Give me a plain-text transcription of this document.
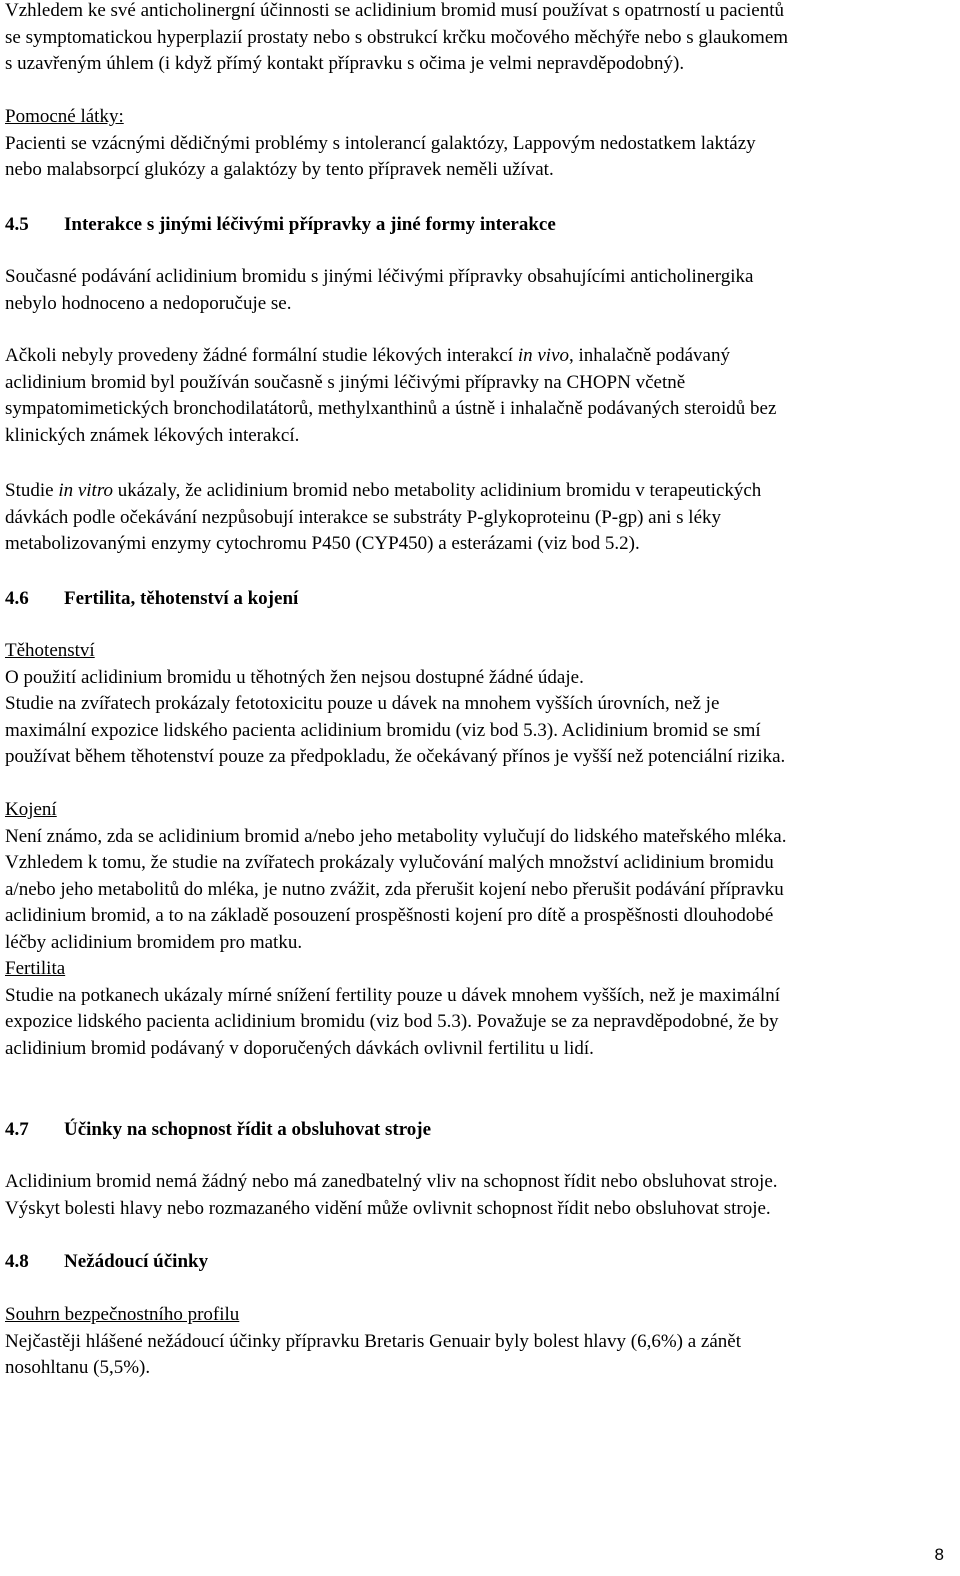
Vzhledem ke své anticholinergní účinnosti se aclidinium bromid musí používat s opatrností u pacientů
se symptomatickou hyperplazií prostaty nebo s obstrukcí krčku močového měchýře nebo s glaukomem
s uzavřeným úhlem (i když přímý kontakt přípravku s očima je velmi nepravděpodobný).
Pomocné látky:
Pacienti se vzácnými dědičnými problémy s intolerancí galaktózy, Lappovým nedostatkem laktázy
nebo malabsorpcí glukózy a galaktózy by tento přípravek neměli užívat.
4.5 Interakce s jinými léčivými přípravky a jiné formy interakce
Současné podávání aclidinium bromidu s jinými léčivými přípravky obsahujícími anticholinergika
nebylo hodnoceno a nedoporučuje se.
Ačkoli nebyly provedeny žádné formální studie lékových interakcí in vivo, inhalačně podávaný
aclidinium bromid byl používán současně s jinými léčivými přípravky na CHOPN včetně
sympatomimetických bronchodilatátorů, methylxanthinů a ústně i inhalačně podávaných steroidů bez
klinických známek lékových interakcí.
Studie in vitro ukázaly, že aclidinium bromid nebo metabolity aclidinium bromidu v terapeutických
dávkách podle očekávání nezpůsobují interakce se substráty P-glykoproteinu (P-gp) ani s léky
metabolizovanými enzymy cytochromu P450 (CYP450) a esterázami (viz bod 5.2).
4.6 Fertilita, těhotenství a kojení
Těhotenství
O použití aclidinium bromidu u těhotných žen nejsou dostupné žádné údaje.
Studie na zvířatech prokázaly fetotoxicitu pouze u dávek na mnohem vyšších úrovních, než je
maximální expozice lidského pacienta aclidinium bromidu (viz bod 5.3). Aclidinium bromid se smí
používat během těhotenství pouze za předpokladu, že očekávaný přínos je vyšší než potenciální rizika.
Kojení
Není známo, zda se aclidinium bromid a/nebo jeho metabolity vylučují do lidského mateřského mléka.
Vzhledem k tomu, že studie na zvířatech prokázaly vylučování malých množství aclidinium bromidu
a/nebo jeho metabolitů do mléka, je nutno zvážit, zda přerušit kojení nebo přerušit podávání přípravku
aclidinium bromid, a to na základě posouzení prospěšnosti kojení pro dítě a prospěšnosti dlouhodobé
léčby aclidinium bromidem pro matku.
Fertilita
Studie na potkanech ukázaly mírné snížení fertility pouze u dávek mnohem vyšších, než je maximální
expozice lidského pacienta aclidinium bromidu (viz bod 5.3). Považuje se za nepravděpodobné, že by
aclidinium bromid podávaný v doporučených dávkách ovlivnil fertilitu u lidí.
4.7 Účinky na schopnost řídit a obsluhovat stroje
Aclidinium bromid nemá žádný nebo má zanedbatelný vliv na schopnost řídit nebo obsluhovat stroje.
Výskyt bolesti hlavy nebo rozmazaného vidění může ovlivnit schopnost řídit nebo obsluhovat stroje.
4.8 Nežádoucí účinky
Souhrn bezpečnostního profilu
Nejčastěji hlášené nežádoucí účinky přípravku Bretaris Genuair byly bolest hlavy (6,6%) a zánět
nosohltanu (5,5%).
8
